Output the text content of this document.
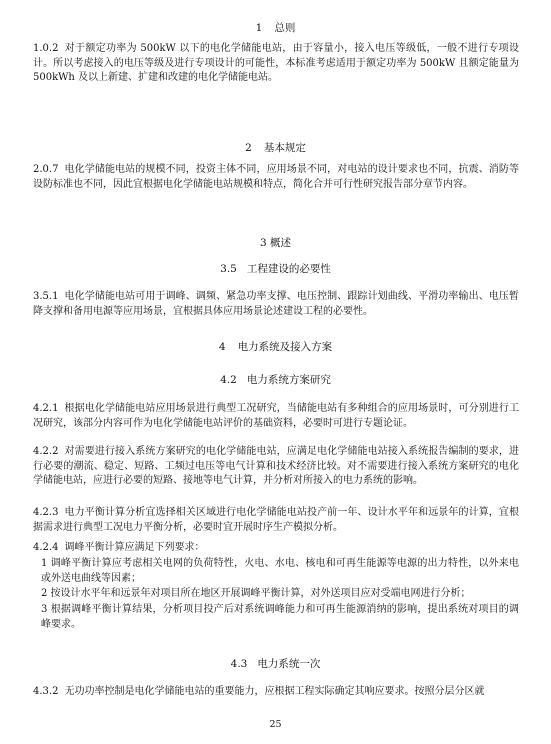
1 总则

1.0.2 对于额定功率为 500kW 以下的电化学储能电站，由于容量小，接入电压等级低，一般不进行专项设计。所以考虑接入的电压等级及进行专项设计的可能性，本标准考虑适用于额定功率为 500kW 且额定能量为 500kWh 及以上新建、扩建和改建的电化学储能电站。

2 基本规定

2.0.7 电化学储能电站的规模不同，投资主体不同，应用场景不同，对电站的设计要求也不同，抗震、消防等设防标准也不同，因此宜根据电化学储能电站规模和特点，简化合并可行性研究报告部分章节内容。

3 概述
3.5 工程建设的必要性

3.5.1 电化学储能电站可用于调峰、调频、紧急功率支撑、电压控制、跟踪计划曲线、平滑功率输出、电压暂降支撑和备用电源等应用场景，宜根据具体应用场景论述建设工程的必要性。

4 电力系统及接入方案
4.2 电力系统方案研究

4.2.1 根据电化学储能电站应用场景进行典型工况研究，当储能电站有多种组合的应用场景时，可分别进行工况研究，该部分内容可作为电化学储能电站评价的基础资料，必要时可进行专题论证。

4.2.2 对需要进行接入系统方案研究的电化学储能电站，应满足电化学储能电站接入系统报告编制的要求，进行必要的潮流、稳定、短路、工频过电压等电气计算和技术经济比较。对不需要进行接入系统方案研究的电化学储能电站，应进行必要的短路、接地等电气计算，并分析对所接入的电力系统的影响。

4.2.3 电力平衡计算分析宜选择相关区域进行电化学储能电站投产前一年、设计水平年和远景年的计算，宜根据需求进行典型工况电力平衡分析，必要时宜开展时序生产模拟分析。

4.2.4 调峰平衡计算应满足下列要求：

1 调峰平衡计算应考虑相关电网的负荷特性，火电、水电、核电和可再生能源等电源的出力特性，以外来电或外送电曲线等因素；

2 按设计水平年和远景年对项目所在地区开展调峰平衡计算，对外送项目应对受端电网进行分析；

3 根据调峰平衡计算结果，分析项目投产后对系统调峰能力和可再生能源消纳的影响，提出系统对项目的调峰要求。

4.3 电力系统一次

4.3.2 无功功率控制是电化学储能电站的重要能力，应根据工程实际确定其响应要求。按照分层分区就

25
